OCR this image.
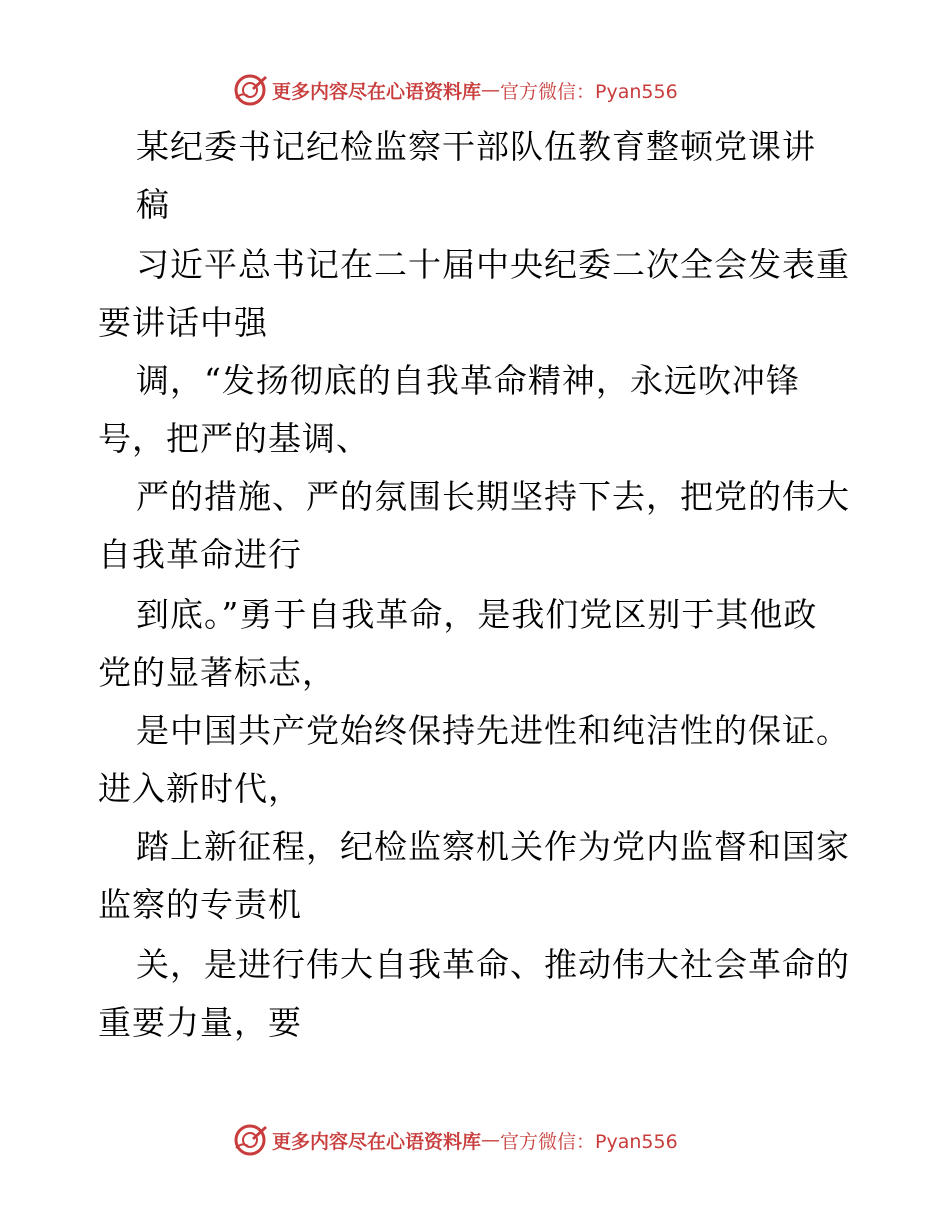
更多内容尽在心语资料库 — 官方微信：Pyan556
某纪委书记纪检监察干部队伍教育整顿党课讲
稿
习近平总书记在二十届中央纪委二次全会发表重
要讲话中强
调，“发扬彻底的自我革命精神，永远吹冲锋
号，把严的基调、
严的措施、严的氛围长期坚持下去，把党的伟大
自我革命进行
到底。”勇于自我革命，是我们党区别于其他政
党的显著标志，
是中国共产党始终保持先进性和纯洁性的保证。
进入新时代，
踏上新征程，纪检监察机关作为党内监督和国家
监察的专责机
关，是进行伟大自我革命、推动伟大社会革命的
重要力量，要
更多内容尽在心语资料库 — 官方微信：Pyan556
